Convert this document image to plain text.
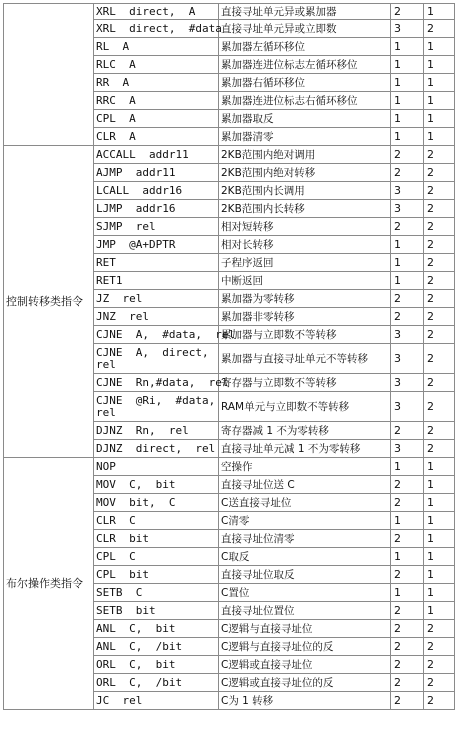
	XRL  direct,  A	直接寻址单元异或累加器	2	1
	XRL  direct,  #data	直接寻址单元异或立即数	3	2
	RL  A	累加器左循环移位	1	1
	RLC  A	累加器连进位标志左循环移位	1	1
	RR  A	累加器右循环移位	1	1
	RRC  A	累加器连进位标志右循环移位	1	1
	CPL  A	累加器取反	1	1
	CLR  A	累加器清零	1	1
控制转移类指令	ACCALL  addr11	2KB范围内绝对调用	2	2
	AJMP  addr11	2KB范围内绝对转移	2	2
	LCALL  addr16	2KB范围内长调用	3	2
	LJMP  addr16	2KB范围内长转移	3	2
	SJMP  rel	相对短转移	2	2
	JMP  @A+DPTR	相对长转移	1	2
	RET	子程序返回	1	2
	RET1	中断返回	1	2
	JZ  rel	累加器为零转移	2	2
	JNZ  rel	累加器非零转移	2	2
	CJNE  A,  #data,  rel	累加器与立即数不等转移	3	2
	CJNE  A,  direct,  rel	累加器与直接寻址单元不等转移	3	2
	CJNE  Rn,#data,  rel	寄存器与立即数不等转移	3	2
	CJNE  @Ri,  #data,  rel	RAM单元与立即数不等转移	3	2
	DJNZ  Rn,  rel	寄存器减 1 不为零转移	2	2
	DJNZ  direct,  rel	直接寻址单元减 1 不为零转移	3	2
布尔操作类指令	NOP	空操作	1	1
	MOV  C,  bit	直接寻址位送 C	2	1
	MOV  bit,  C	C送直接寻址位	2	1
	CLR  C	C清零	1	1
	CLR  bit	直接寻址位清零	2	1
	CPL  C	C取反	1	1
	CPL  bit	直接寻址位取反	2	1
	SETB  C	C置位	1	1
	SETB  bit	直接寻址位置位	2	1
	ANL  C,  bit	C逻辑与直接寻址位	2	2
	ANL  C,  /bit	C逻辑与直接寻址位的反	2	2
	ORL  C,  bit	C逻辑或直接寻址位	2	2
	ORL  C,  /bit	C逻辑或直接寻址位的反	2	2
	JC  rel	C为 1 转移	2	2
